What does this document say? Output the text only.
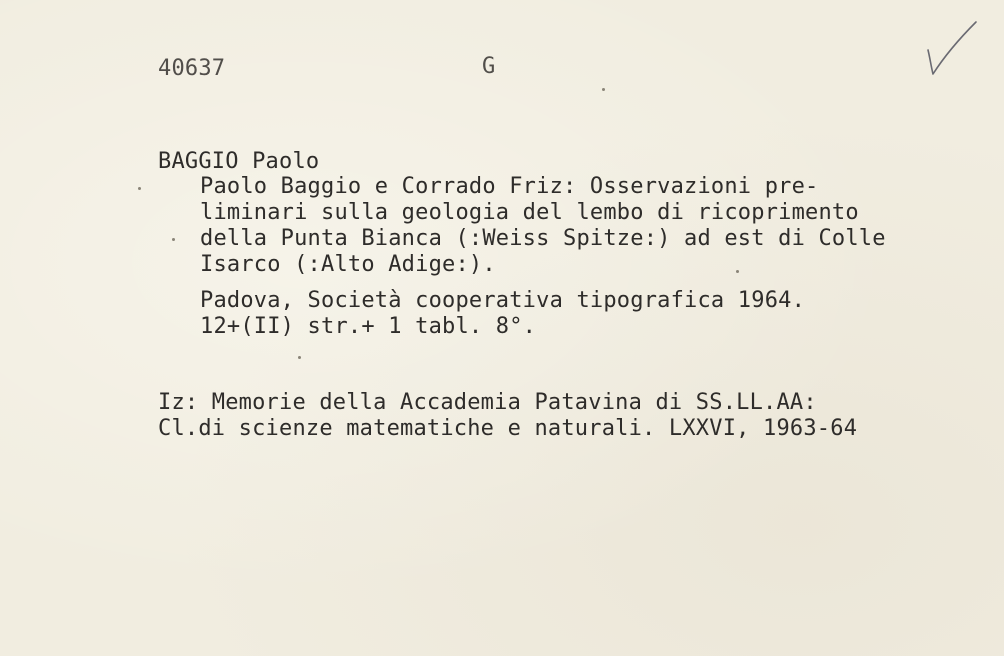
40637	G
BAGGIO Paolo
Paolo Baggio e Corrado Friz: Osservazioni pre-
liminari sulla geologia del lembo di ricoprimento
della Punta Bianca (:Weiss Spitze:) ad est di Colle
Isarco (:Alto Adige:).
Padova, Società cooperativa tipografica 1964.
12+(II) str.+ 1 tabl. 8°.
Iz: Memorie della Accademia Patavina di SS.LL.AA:
Cl.di scienze matematiche e naturali. LXXVI, 1963-64
